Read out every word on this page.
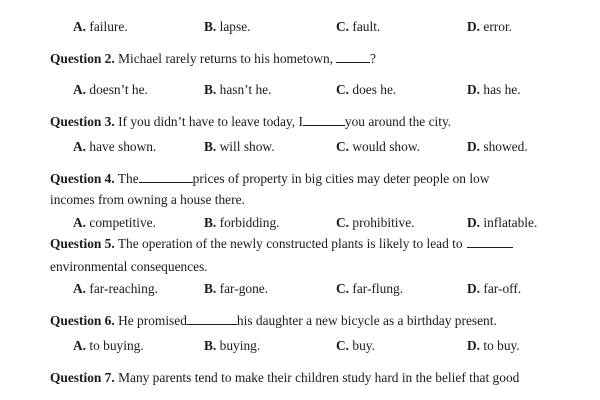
A. failure.	B. lapse.	C. fault.	D. error.
Question 2. Michael rarely returns to his hometown,	?
A. doesn’t he.	B. hasn’t he.	C. does he.	D. has he.
Question 3. If you didn’t have to leave today, I	you around the city.
A. have shown.	B. will show.	C. would show.	D. showed.
Question 4. The	prices of property in big cities may deter people on low
incomes from owning a house there.
A. competitive.	B. forbidding.	C. prohibitive.	D. inflatable.
Question 5. The operation of the newly constructed plants is likely to lead to
environmental consequences.
A. far-reaching.	B. far-gone.	C. far-flung.	D. far-off.
Question 6. He promised	his daughter a new bicycle as a birthday present.
A. to buying.	B. buying.	C. buy.	D. to buy.
Question 7. Many parents tend to make their children study hard in the belief that good
